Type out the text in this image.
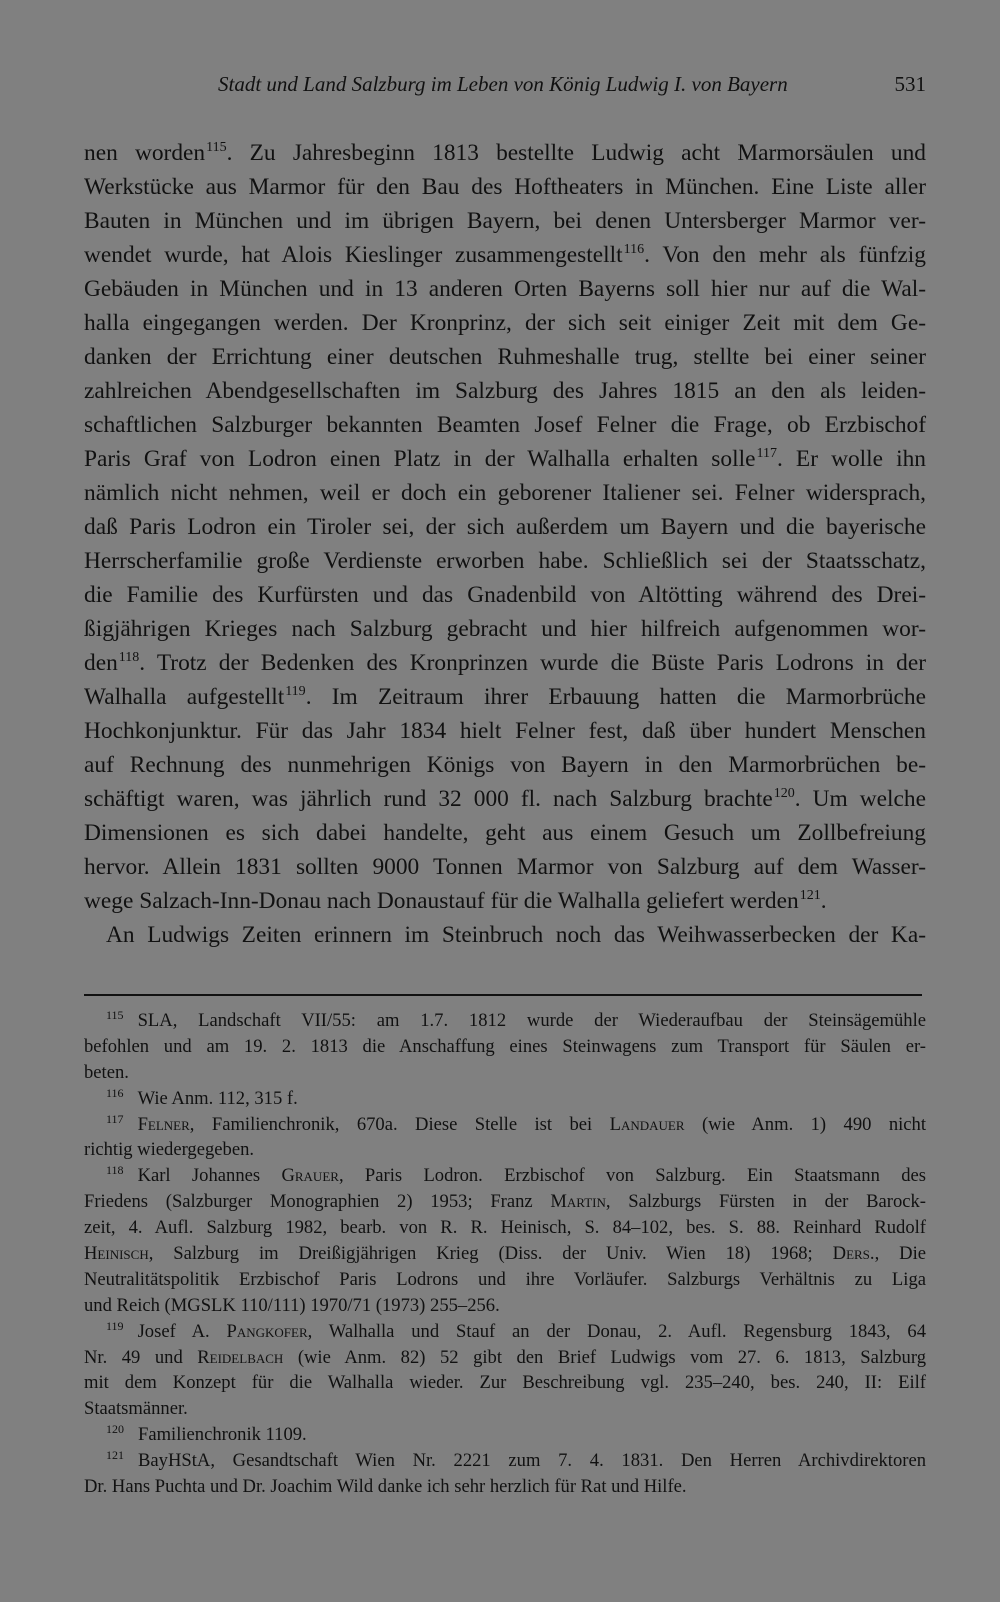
Stadt und Land Salzburg im Leben von König Ludwig I. von Bayern	531
nen worden$^{115}$. Zu Jahresbeginn 1813 bestellte Ludwig acht Marmorsäulen und
Werkstücke aus Marmor für den Bau des Hoftheaters in München. Eine Liste aller
Bauten in München und im übrigen Bayern, bei denen Untersberger Marmor ver-
wendet wurde, hat Alois Kieslinger zusammengestellt$^{116}$. Von den mehr als fünfzig
Gebäuden in München und in 13 anderen Orten Bayerns soll hier nur auf die Wal-
halla eingegangen werden. Der Kronprinz, der sich seit einiger Zeit mit dem Ge-
danken der Errichtung einer deutschen Ruhmeshalle trug, stellte bei einer seiner
zahlreichen Abendgesellschaften im Salzburg des Jahres 1815 an den als leiden-
schaftlichen Salzburger bekannten Beamten Josef Felner die Frage, ob Erzbischof
Paris Graf von Lodron einen Platz in der Walhalla erhalten solle$^{117}$. Er wolle ihn
nämlich nicht nehmen, weil er doch ein geborener Italiener sei. Felner widersprach,
daß Paris Lodron ein Tiroler sei, der sich außerdem um Bayern und die bayerische
Herrscherfamilie große Verdienste erworben habe. Schließlich sei der Staatsschatz,
die Familie des Kurfürsten und das Gnadenbild von Altötting während des Drei-
ßigjährigen Krieges nach Salzburg gebracht und hier hilfreich aufgenommen wor-
den$^{118}$. Trotz der Bedenken des Kronprinzen wurde die Büste Paris Lodrons in der
Walhalla aufgestellt$^{119}$. Im Zeitraum ihrer Erbauung hatten die Marmorbrüche
Hochkonjunktur. Für das Jahr 1834 hielt Felner fest, daß über hundert Menschen
auf Rechnung des nunmehrigen Königs von Bayern in den Marmorbrüchen be-
schäftigt waren, was jährlich rund 32 000 fl. nach Salzburg brachte$^{120}$. Um welche
Dimensionen es sich dabei handelte, geht aus einem Gesuch um Zollbefreiung
hervor. Allein 1831 sollten 9000 Tonnen Marmor von Salzburg auf dem Wasser-
wege Salzach-Inn-Donau nach Donaustauf für die Walhalla geliefert werden$^{121}$.
An Ludwigs Zeiten erinnern im Steinbruch noch das Weihwasserbecken der Ka-
$^{115}$ SLA, Landschaft VII/55: am 1.7. 1812 wurde der Wiederaufbau der Steinsägemühle
befohlen und am 19. 2. 1813 die Anschaffung eines Steinwagens zum Transport für Säulen er-
beten.
$^{116}$ Wie Anm. 112, 315 f.
$^{117}$ Felner, Familienchronik, 670a. Diese Stelle ist bei Landauer (wie Anm. 1) 490 nicht
richtig wiedergegeben.
$^{118}$ Karl Johannes Grauer, Paris Lodron. Erzbischof von Salzburg. Ein Staatsmann des
Friedens (Salzburger Monographien 2) 1953; Franz Martin, Salzburgs Fürsten in der Barock-
zeit, 4. Aufl. Salzburg 1982, bearb. von R. R. Heinisch, S. 84–102, bes. S. 88. Reinhard Rudolf
Heinisch, Salzburg im Dreißigjährigen Krieg (Diss. der Univ. Wien 18) 1968; Ders., Die
Neutralitätspolitik Erzbischof Paris Lodrons und ihre Vorläufer. Salzburgs Verhältnis zu Liga
und Reich (MGSLK 110/111) 1970/71 (1973) 255–256.
$^{119}$ Josef A. Pangkofer, Walhalla und Stauf an der Donau, 2. Aufl. Regensburg 1843, 64
Nr. 49 und Reidelbach (wie Anm. 82) 52 gibt den Brief Ludwigs vom 27. 6. 1813, Salzburg
mit dem Konzept für die Walhalla wieder. Zur Beschreibung vgl. 235–240, bes. 240, II: Eilf
Staatsmänner.
$^{120}$ Familienchronik 1109.
$^{121}$ BayHStA, Gesandtschaft Wien Nr. 2221 zum 7. 4. 1831. Den Herren Archivdirektoren
Dr. Hans Puchta und Dr. Joachim Wild danke ich sehr herzlich für Rat und Hilfe.
